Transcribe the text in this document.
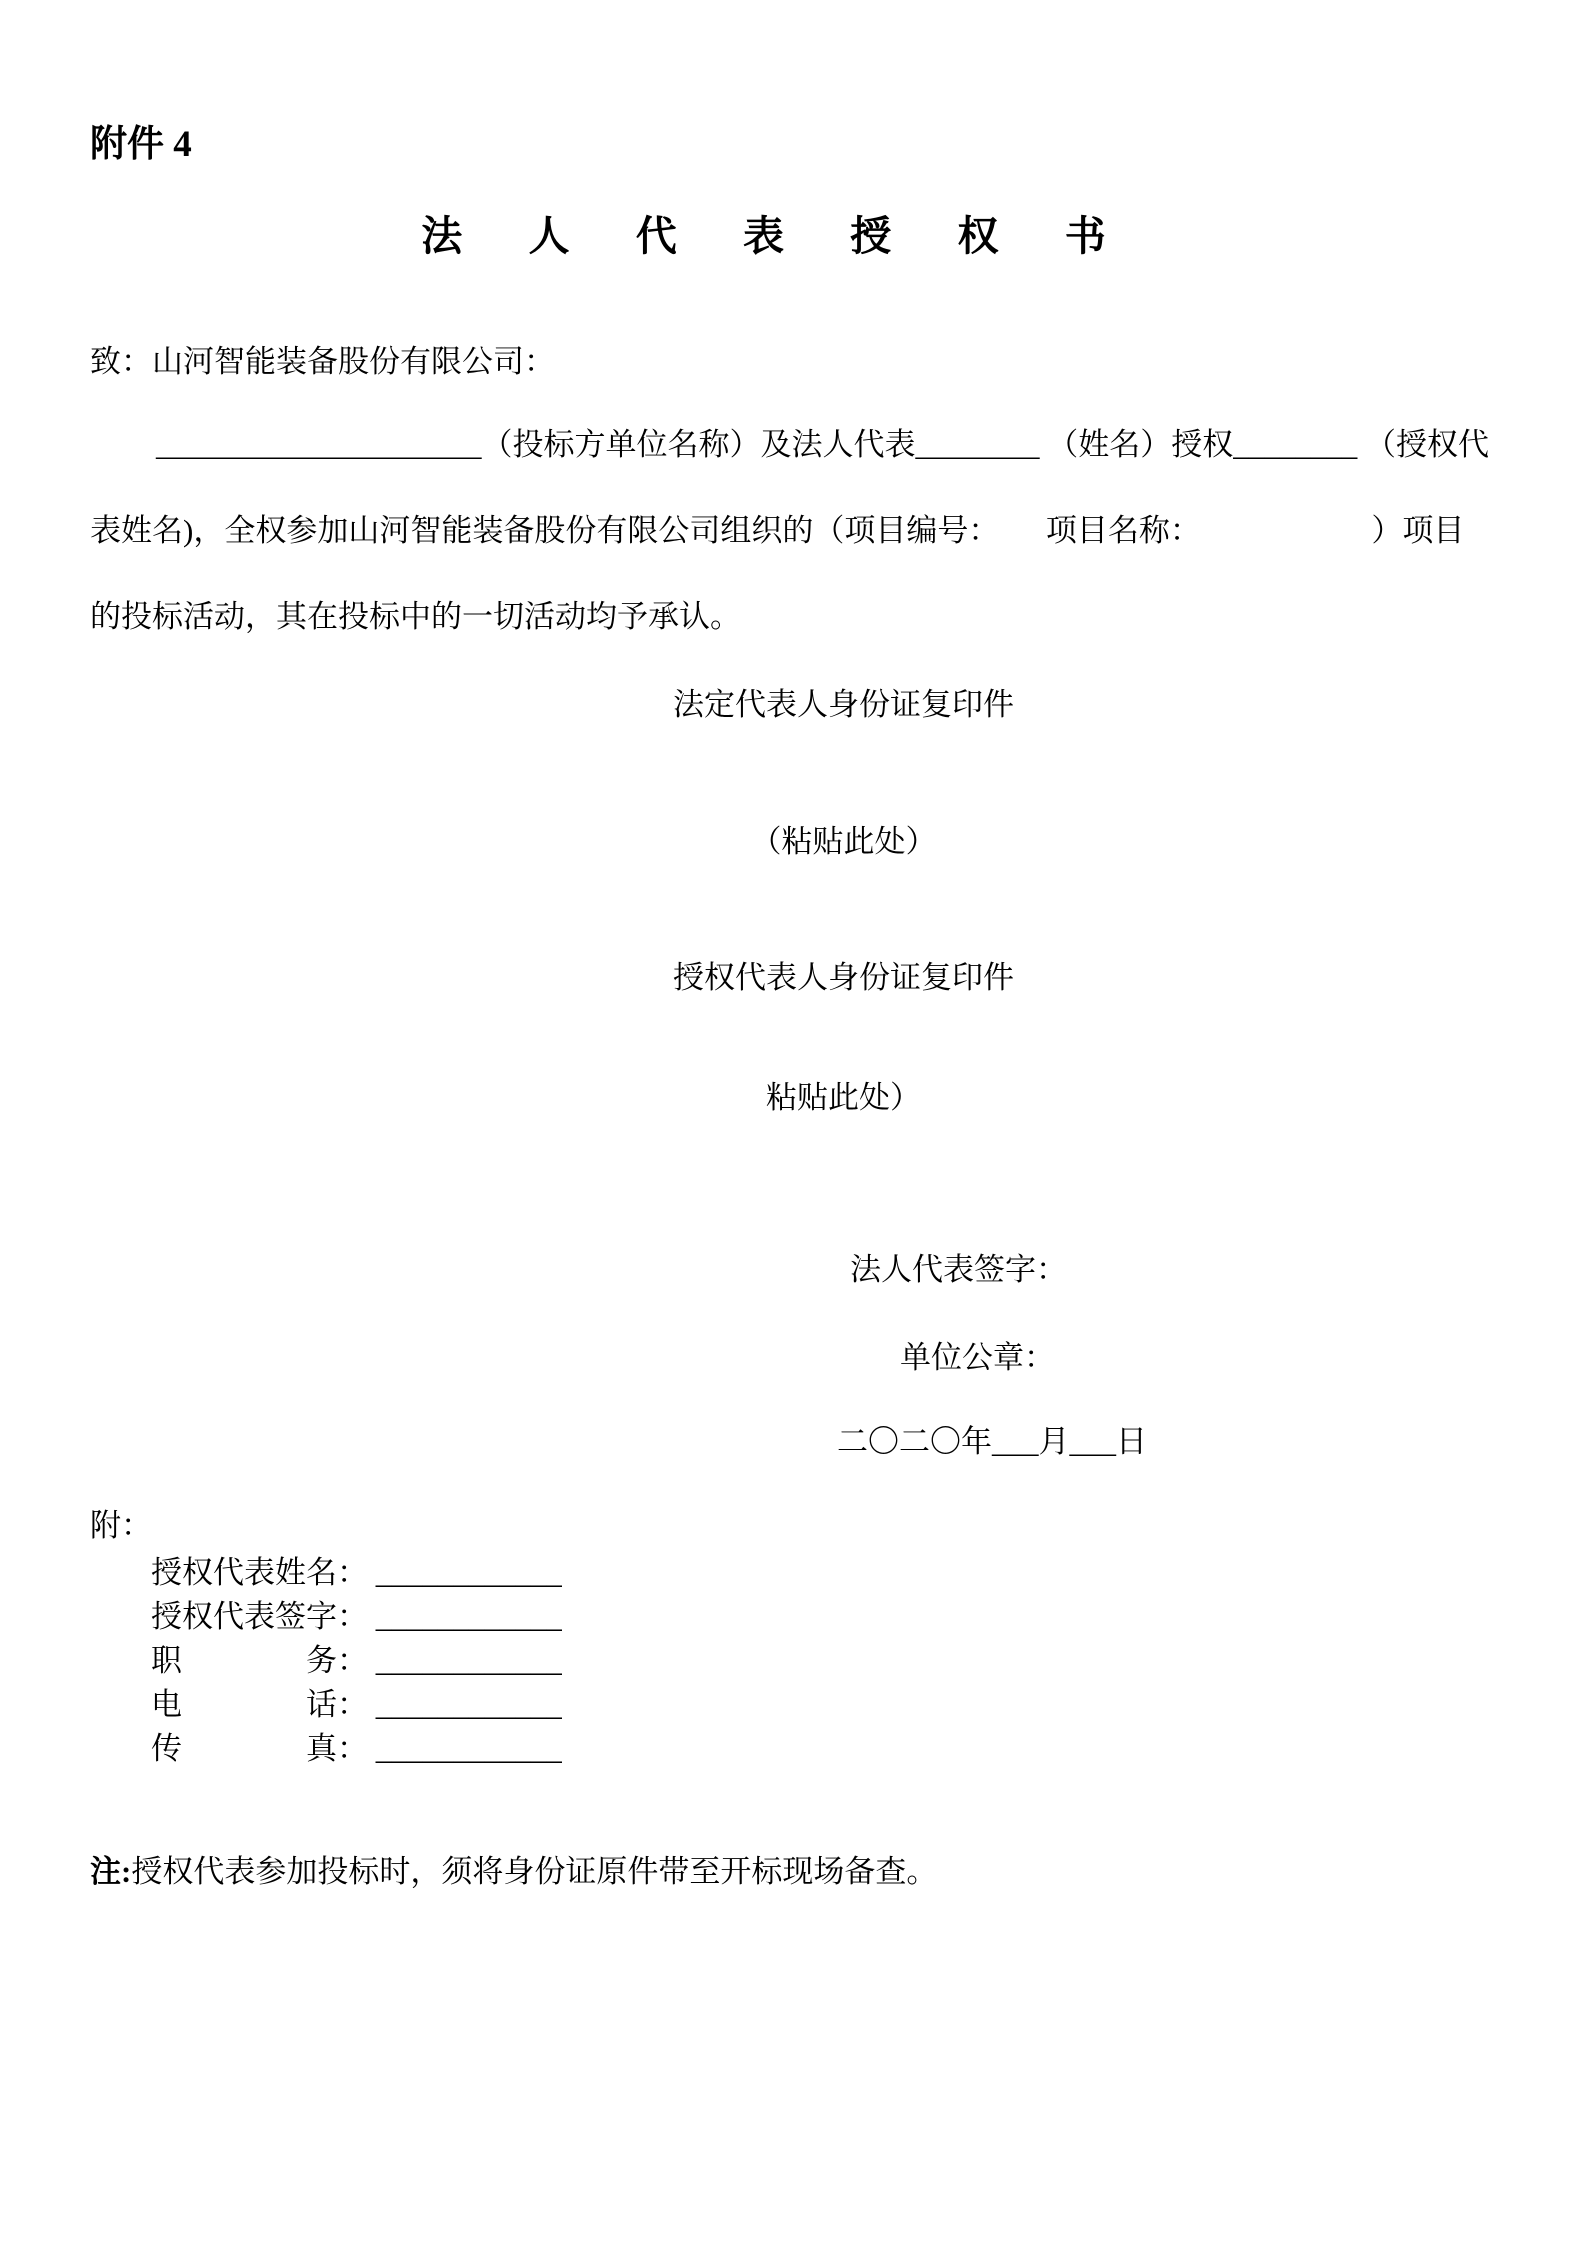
附件 4
法 人 代 表 授 权 书
致：山河智能装备股份有限公司：
_____________________（投标方单位名称）及法人代表________ （姓名）授权________ （授权代
表姓名)，全权参加山河智能装备股份有限公司组织的（项目编号：　　项目名称：　　　　　　）项目
的投标活动，其在投标中的一切活动均予承认。
法定代表人身份证复印件
（粘贴此处）
授权代表人身份证复印件
粘贴此处）
法人代表签字：
单位公章：
二〇二〇年___月___日
附：
授权代表姓名： ____________
授权代表签字： ____________
职务： ____________
电话： ____________
传真： ____________
注:授权代表参加投标时，须将身份证原件带至开标现场备查。
